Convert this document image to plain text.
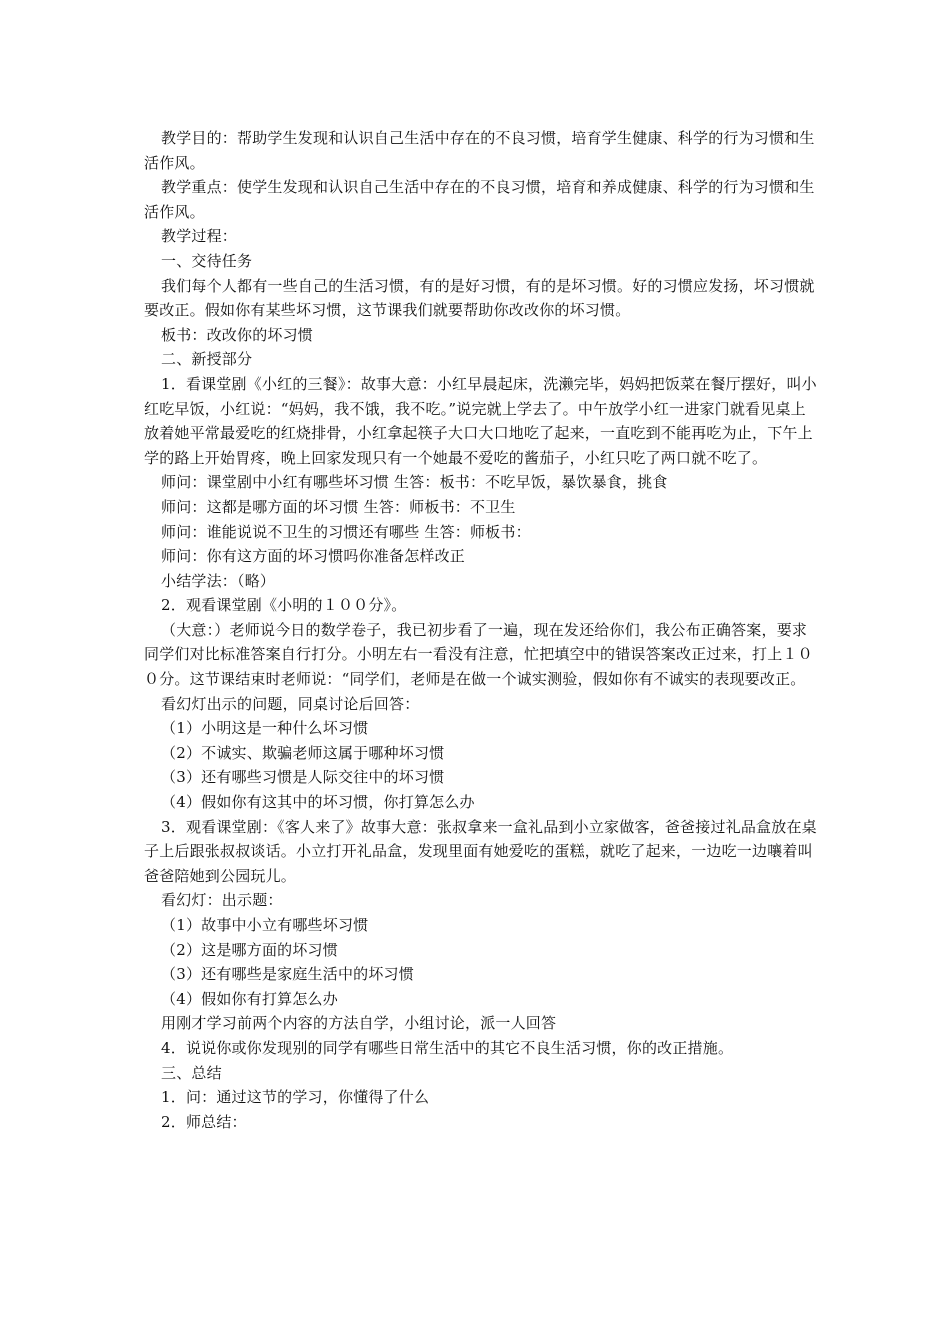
教学目的：帮助学生发现和认识自己生活中存在的不良习惯，培育学生健康、科学的行为习惯和生活作风。

教学重点：使学生发现和认识自己生活中存在的不良习惯，培育和养成健康、科学的行为习惯和生活作风。

教学过程：

一、交待任务

我们每个人都有一些自己的生活习惯，有的是好习惯，有的是坏习惯。好的习惯应发扬，坏习惯就要改正。假如你有某些坏习惯，这节课我们就要帮助你改改你的坏习惯。

板书：改改你的坏习惯

二、新授部分

1．看课堂剧《小红的三餐》：故事大意：小红早晨起床，洗濑完毕，妈妈把饭菜在餐厅摆好，叫小红吃早饭，小红说：“妈妈，我不饿，我不吃。”说完就上学去了。中午放学小红一进家门就看见桌上放着她平常最爱吃的红烧排骨，小红拿起筷子大口大口地吃了起来，一直吃到不能再吃为止，下午上学的路上开始胃疼，晚上回家发现只有一个她最不爱吃的酱茄子，小红只吃了两口就不吃了。

师问：课堂剧中小红有哪些坏习惯 生答：板书：不吃早饭，暴饮暴食，挑食

师问：这都是哪方面的坏习惯 生答：师板书：不卫生

师问：谁能说说不卫生的习惯还有哪些 生答：师板书：

师问：你有这方面的坏习惯吗你准备怎样改正

小结学法：（略）

2．观看课堂剧《小明的１００分》。

（大意：）老师说今日的数学卷子，我已初步看了一遍，现在发还给你们，我公布正确答案，要求同学们对比标准答案自行打分。小明左右一看没有注意，忙把填空中的错误答案改正过来，打上１００分。这节课结束时老师说：“同学们，老师是在做一个诚实测验，假如你有不诚实的表现要改正。

看幻灯出示的问题，同桌讨论后回答：

（1）小明这是一种什么坏习惯

（2）不诚实、欺骗老师这属于哪种坏习惯

（3）还有哪些习惯是人际交往中的坏习惯

（4）假如你有这其中的坏习惯，你打算怎么办

3．观看课堂剧：《客人来了》故事大意：张叔拿来一盒礼品到小立家做客，爸爸接过礼品盒放在桌子上后跟张叔叔谈话。小立打开礼品盒，发现里面有她爱吃的蛋糕，就吃了起来，一边吃一边嚷着叫爸爸陪她到公园玩儿。

看幻灯：出示题：

（1）故事中小立有哪些坏习惯

（2）这是哪方面的坏习惯

（3）还有哪些是家庭生活中的坏习惯

（4）假如你有打算怎么办

用刚才学习前两个内容的方法自学，小组讨论，派一人回答

4．说说你或你发现别的同学有哪些日常生活中的其它不良生活习惯，你的改正措施。

三、总结

1．问：通过这节的学习，你懂得了什么

2．师总结：
